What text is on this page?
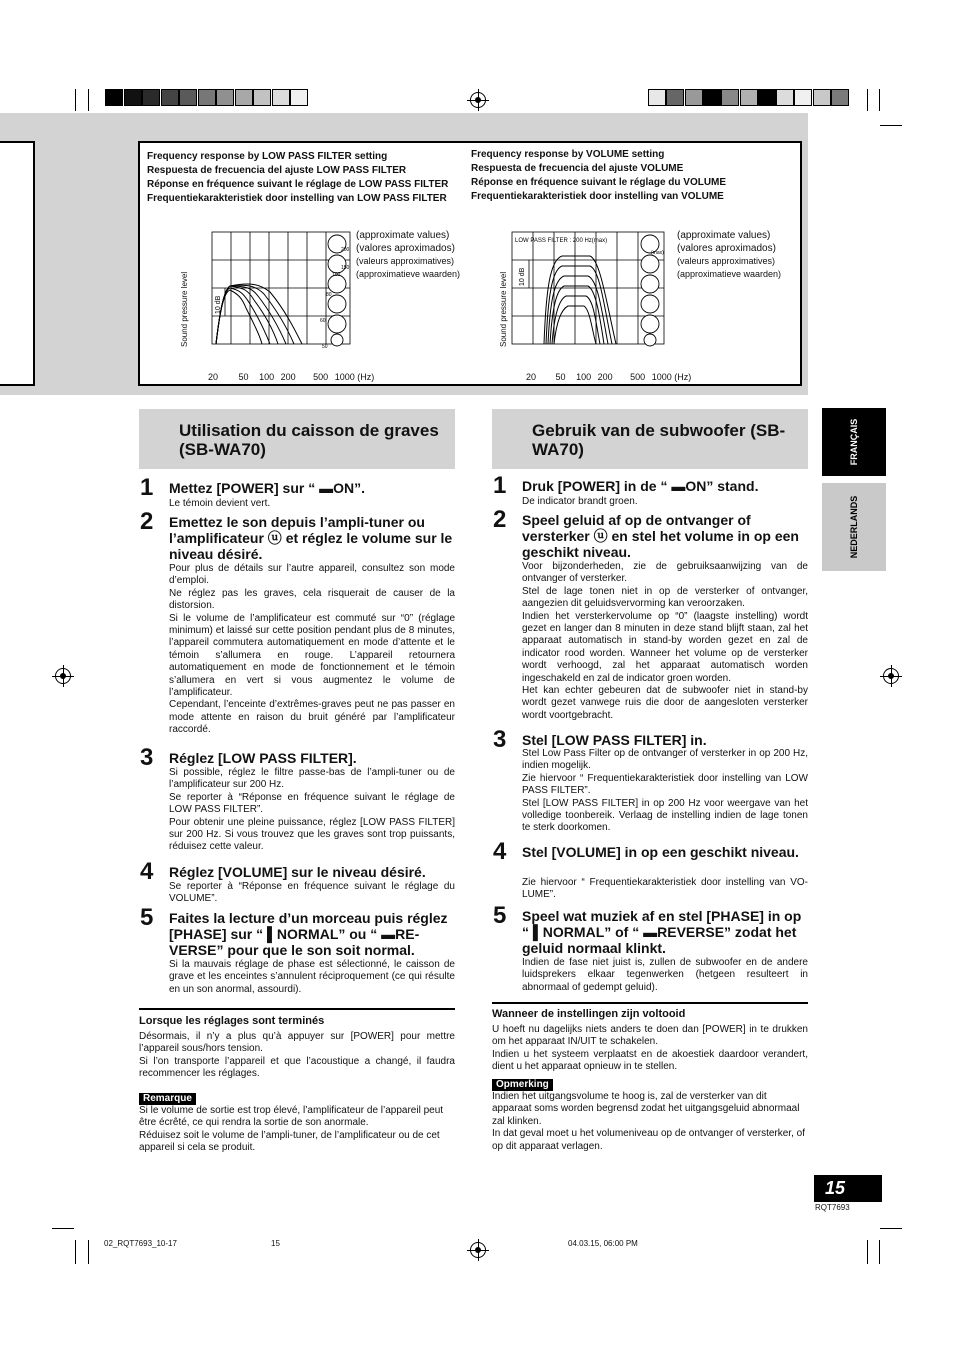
Frequency response by LOW PASS FILTER setting
Respuesta de frecuencia del ajuste LOW PASS FILTER
Réponse en fréquence suivant le réglage de LOW PASS FILTER
Frequentiekarakteristiek door instelling van LOW PASS FILTER
(approximate values)
(valores aproximados)
(valeurs approximatives)
(approximatieve waarden)
Sound pressure level
200
150
100
80
60
50
10 dB
20 50 100 200 500 1000 (Hz)
Frequency response by VOLUME setting
Respuesta de frecuencia del ajuste VOLUME
Réponse en fréquence suivant le réglage du VOLUME
Frequentiekarakteristiek door instelling van VOLUME
(approximate values)
(valores aproximados)
(valeurs approximatives)
(approximatieve waarden)
Sound pressure level
(max)
LOW PASS FILTER : 200 Hz(max)
10 dB
20 50 100 200 500 1000 (Hz)
Utilisation du caisson de graves (SB-WA70)
1 Mettez [POWER] sur “ ▬ON”.
Le témoin devient vert.
2 Emettez le son depuis l’ampli-tuner ou l’amplificateur ⓤ et réglez le volume sur le niveau désiré.
Pour plus de détails sur l’autre appareil, consultez son mode d’emploi.
Ne réglez pas les graves, cela risquerait de causer de la distorsion.
Si le volume de l’amplificateur est commuté sur “0” (réglage minimum) et laissé sur cette position pendant plus de 8 minutes, l’appareil commutera automatiquement en mode d’attente et le témoin s’allumera en rouge. L’appareil retournera automatiquement en mode de fonctionnement et le témoin s’allumera en vert si vous augmentez le volume de l’amplificateur.
Cependant, l’enceinte d’extrêmes-graves peut ne pas passer en mode attente en raison du bruit généré par l’amplificateur raccordé.
3 Réglez [LOW PASS FILTER].
Si possible, réglez le filtre passe-bas de l’ampli-tuner ou de l’amplificateur sur 200 Hz.
Se reporter à “Réponse en fréquence suivant le réglage de LOW PASS FILTER”.
Pour obtenir une pleine puissance, réglez [LOW PASS FILTER] sur 200 Hz. Si vous trouvez que les graves sont trop puissants, réduisez cette valeur.
4 Réglez [VOLUME] sur le niveau désiré.
Se reporter à “Réponse en fréquence suivant le réglage du VOLUME”.
5 Faites la lecture d’un morceau puis réglez [PHASE] sur “ ▌NORMAL” ou “ ▬RE-VERSE” pour que le son soit normal.
Si la mauvais réglage de phase est sélectionné, le caisson de grave et les enceintes s’annulent réciproquement (ce qui résulte en un son anormal, assourdi).
Lorsque les réglages sont terminés
Désormais, il n’y a plus qu’à appuyer sur [POWER] pour mettre l’appareil sous/hors tension.
Si l’on transporte l’appareil et que l’acoustique a changé, il faudra recommencer les réglages.
Remarque
Si le volume de sortie est trop élevé, l’amplificateur de l’appareil peut être écrêté, ce qui rendra la sortie de son anormale.
Réduisez soit le volume de l’ampli-tuner, de l’amplificateur ou de cet appareil si cela se produit.
Gebruik van de subwoofer (SB-WA70)
1 Druk [POWER] in de “ ▬ON” stand.
De indicator brandt groen.
2 Speel geluid af op de ontvanger of versterker ⓤ en stel het volume in op een geschikt niveau.
Voor bijzonderheden, zie de gebruiksaanwijzing van de ontvanger of versterker.
Stel de lage tonen niet in op de versterker of ontvanger, aangezien dit geluidsvervorming kan veroorzaken.
Indien het versterkervolume op “0” (laagste instelling) wordt gezet en langer dan 8 minuten in deze stand blijft staan, zal het apparaat automatisch in stand-by worden gezet en zal de indicator rood worden. Wanneer het volume op de versterker wordt verhoogd, zal het apparaat automatisch worden ingeschakeld en zal de indicator groen worden.
Het kan echter gebeuren dat de subwoofer niet in stand-by wordt gezet vanwege ruis die door de aangesloten versterker wordt voortgebracht.
3 Stel [LOW PASS FILTER] in.
Stel Low Pass Filter op de ontvanger of versterker in op 200 Hz, indien mogelijk.
Zie hiervoor “ Frequentiekarakteristiek door instelling van LOW PASS FILTER”.
Stel [LOW PASS FILTER] in op 200 Hz voor weergave van het volledige toonbereik. Verlaag de instelling indien de lage tonen te sterk doorkomen.
4 Stel [VOLUME] in op een geschikt niveau.
Zie hiervoor “ Frequentiekarakteristiek door instelling van VO-LUME”.
5 Speel wat muziek af en stel [PHASE] in op “ ▌NORMAL” of “ ▬REVERSE” zodat het geluid normaal klinkt.
Indien de fase niet juist is, zullen de subwoofer en de andere luidsprekers elkaar tegenwerken (hetgeen resulteert in abnormaal of gedempt geluid).
Wanneer de instellingen zijn voltooid
U hoeft nu dagelijks niets anders te doen dan [POWER] in te drukken om het apparaat IN/UIT te schakelen.
Indien u het systeem verplaatst en de akoestiek daardoor verandert, dient u het apparaat opnieuw in te stellen.
Opmerking
Indien het uitgangsvolume te hoog is, zal de versterker van dit apparaat soms worden begrensd zodat het uitgangsgeluid abnormaal zal klinken.
In dat geval moet u het volumeniveau op de ontvanger of versterker, of op dit apparaat verlagen.
FRANÇAIS
NEDERLANDS
15
RQT7693
02_RQT7693_10-17	15	04.03.15, 06:00 PM
